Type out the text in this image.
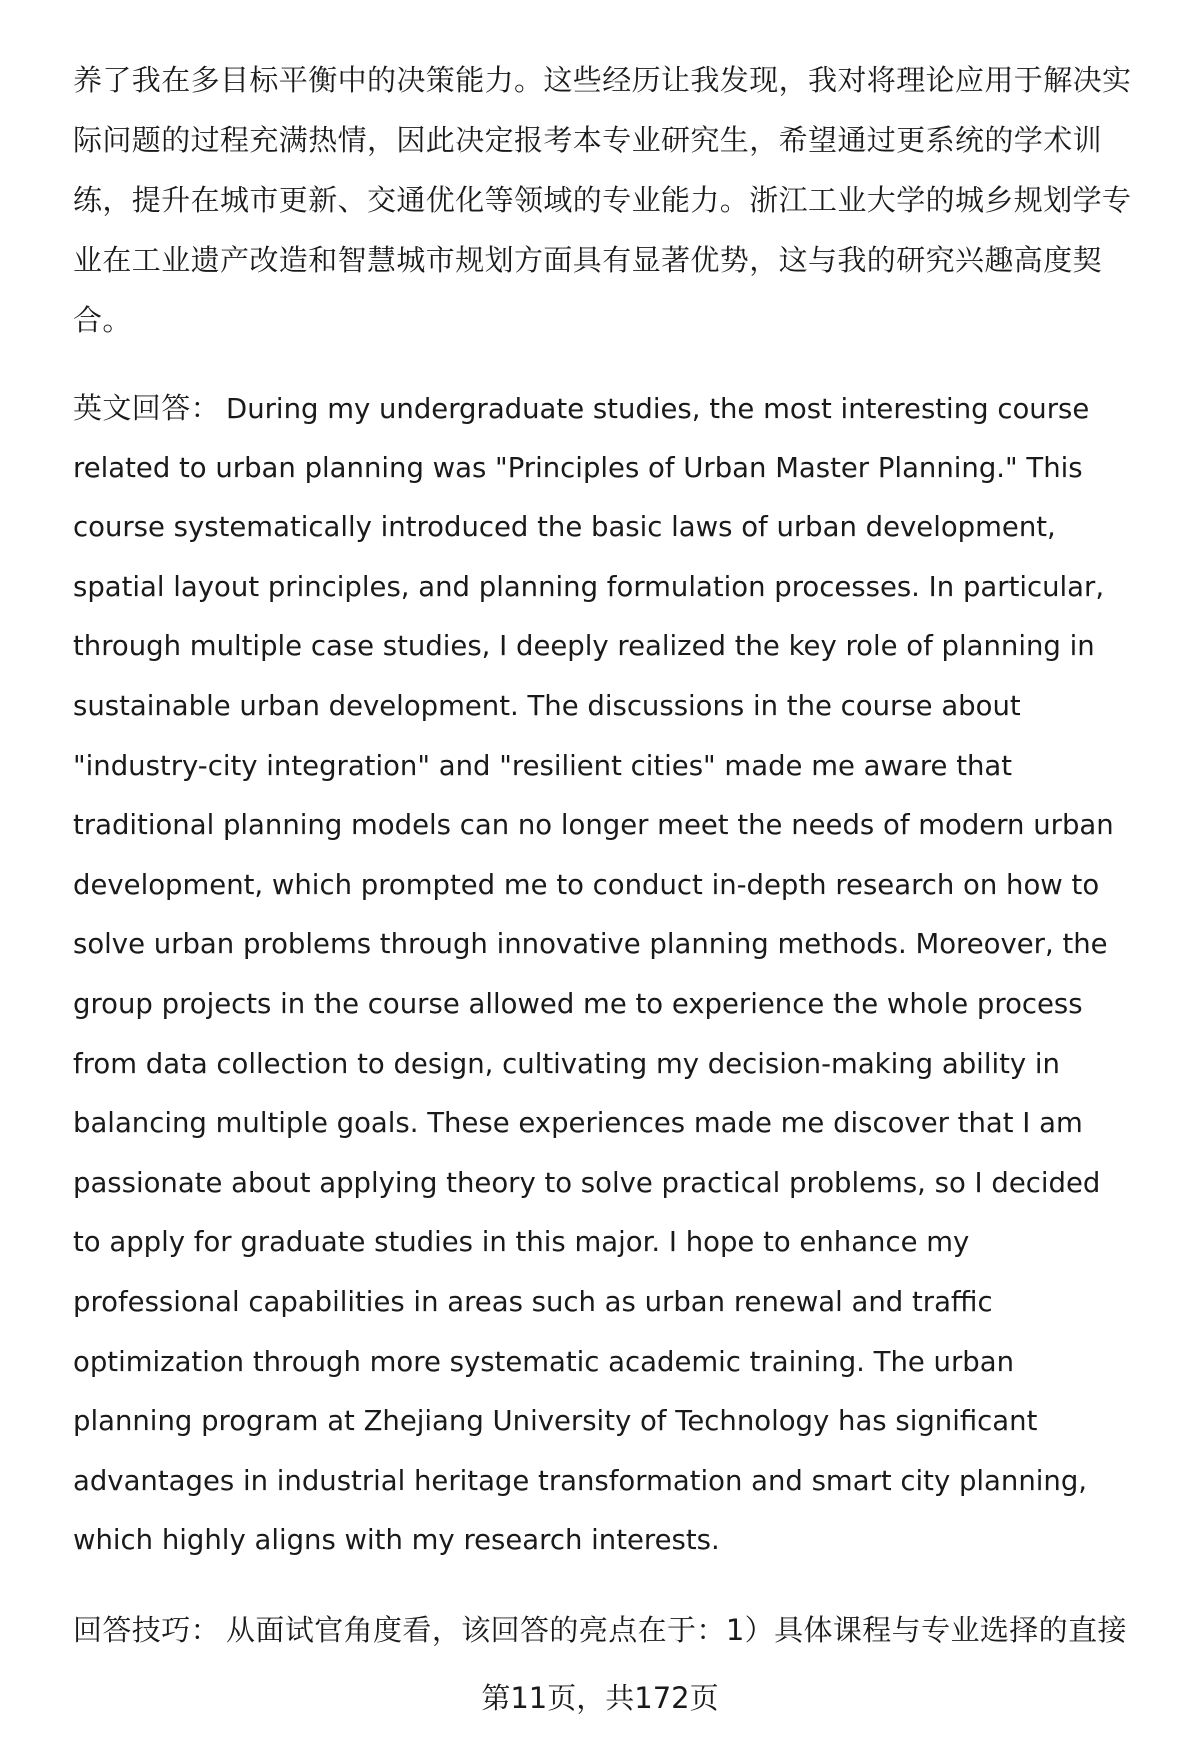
养了我在多目标平衡中的决策能力。这些经历让我发现，我对将理论应用于解决实
际问题的过程充满热情，因此决定报考本专业研究生，希望通过更系统的学术训
练，提升在城市更新、交通优化等领域的专业能力。浙江工业大学的城乡规划学专
业在工业遗产改造和智慧城市规划方面具有显著优势，这与我的研究兴趣高度契
合。
英文回答： During my undergraduate studies, the most interesting course
related to urban planning was "Principles of Urban Master Planning." This
course systematically introduced the basic laws of urban development,
spatial layout principles, and planning formulation processes. In particular,
through multiple case studies, I deeply realized the key role of planning in
sustainable urban development. The discussions in the course about
"industry-city integration" and "resilient cities" made me aware that
traditional planning models can no longer meet the needs of modern urban
development, which prompted me to conduct in-depth research on how to
solve urban problems through innovative planning methods. Moreover, the
group projects in the course allowed me to experience the whole process
from data collection to design, cultivating my decision-making ability in
balancing multiple goals. These experiences made me discover that I am
passionate about applying theory to solve practical problems, so I decided
to apply for graduate studies in this major. I hope to enhance my
professional capabilities in areas such as urban renewal and traffic
optimization through more systematic academic training. The urban
planning program at Zhejiang University of Technology has significant
advantages in industrial heritage transformation and smart city planning,
which highly aligns with my research interests.
回答技巧： 从面试官角度看，该回答的亮点在于：1）具体课程与专业选择的直接
第11页，共172页
